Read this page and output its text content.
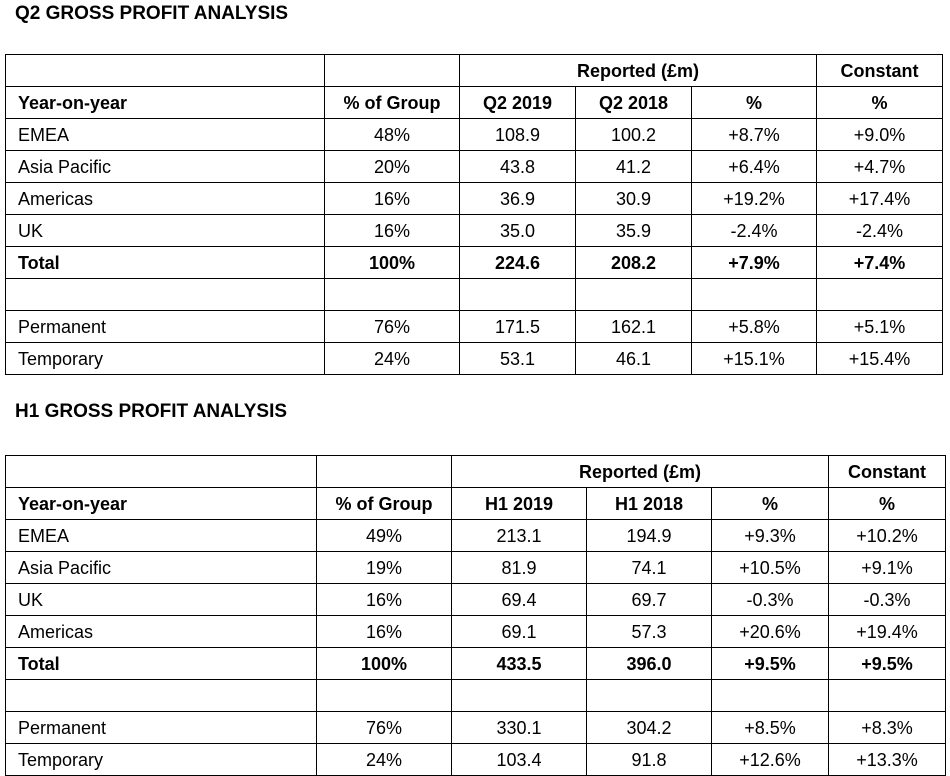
Q2 GROSS PROFIT ANALYSIS
		Reported (£m)			Constant
Year-on-year	% of Group	Q2 2019	Q2 2018	%	%
EMEA	48%	108.9	100.2	+8.7%	+9.0%
Asia Pacific	20%	43.8	41.2	+6.4%	+4.7%
Americas	16%	36.9	30.9	+19.2%	+17.4%
UK	16%	35.0	35.9	-2.4%	-2.4%
Total	100%	224.6	208.2	+7.9%	+7.4%

Permanent	76%	171.5	162.1	+5.8%	+5.1%
Temporary	24%	53.1	46.1	+15.1%	+15.4%
H1 GROSS PROFIT ANALYSIS
		Reported (£m)			Constant
Year-on-year	% of Group	H1 2019	H1 2018	%	%
EMEA	49%	213.1	194.9	+9.3%	+10.2%
Asia Pacific	19%	81.9	74.1	+10.5%	+9.1%
UK	16%	69.4	69.7	-0.3%	-0.3%
Americas	16%	69.1	57.3	+20.6%	+19.4%
Total	100%	433.5	396.0	+9.5%	+9.5%

Permanent	76%	330.1	304.2	+8.5%	+8.3%
Temporary	24%	103.4	91.8	+12.6%	+13.3%
